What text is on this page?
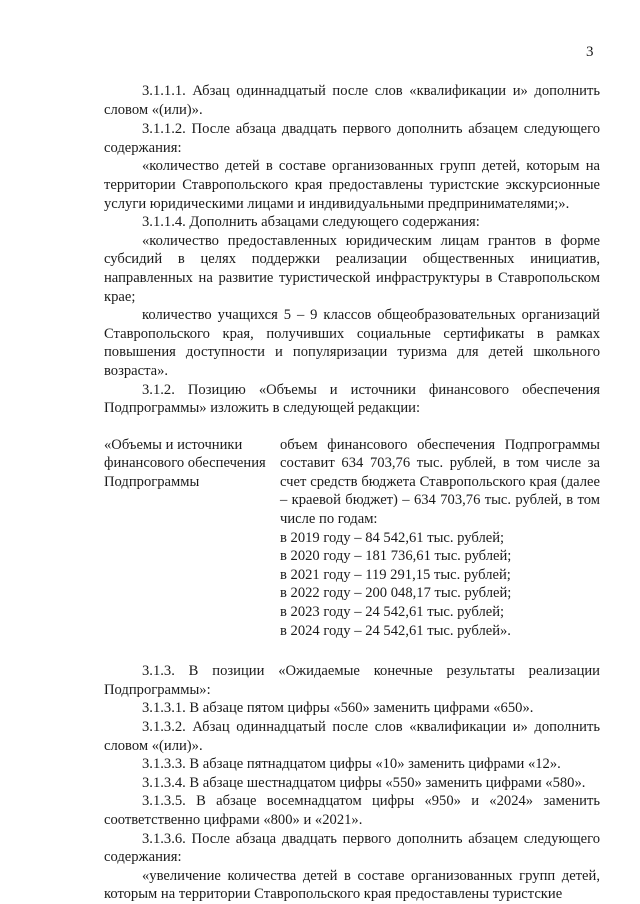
3

3.1.1.1. Абзац одиннадцатый после слов «квалификации и» дополнить словом «(или)».

3.1.1.2. После абзаца двадцать первого дополнить абзацем следующего содержания:

«количество детей в составе организованных групп детей, которым на территории Ставропольского края предоставлены туристские экскурсионные услуги юридическими лицами и индивидуальными предпринимателями;».

3.1.1.4. Дополнить абзацами следующего содержания:

«количество предоставленных юридическим лицам грантов в форме субсидий в целях поддержки реализации общественных инициатив, направленных на развитие туристической инфраструктуры в Ставропольском крае;

количество учащихся 5 – 9 классов общеобразовательных организаций Ставропольского края, получивших социальные сертификаты в рамках повышения доступности и популяризации туризма для детей школьного возраста».

3.1.2. Позицию «Объемы и источники финансового обеспечения Подпрограммы» изложить в следующей редакции:

«Объемы и источники финансового обеспечения Подпрограммы
объем финансового обеспечения Подпрограммы составит 634 703,76 тыс. рублей, в том числе за счет средств бюджета Ставропольского края (далее – краевой бюджет) – 634 703,76 тыс. рублей, в том числе по годам:
в 2019 году – 84 542,61 тыс. рублей;
в 2020 году – 181 736,61 тыс. рублей;
в 2021 году – 119 291,15 тыс. рублей;
в 2022 году – 200 048,17 тыс. рублей;
в 2023 году – 24 542,61 тыс. рублей;
в 2024 году – 24 542,61 тыс. рублей».

3.1.3. В позиции «Ожидаемые конечные результаты реализации Подпрограммы»:

3.1.3.1. В абзаце пятом цифры «560» заменить цифрами «650».

3.1.3.2. Абзац одиннадцатый после слов «квалификации и» дополнить словом «(или)».

3.1.3.3. В абзаце пятнадцатом цифры «10» заменить цифрами «12».

3.1.3.4. В абзаце шестнадцатом цифры «550» заменить цифрами «580».

3.1.3.5. В абзаце восемнадцатом цифры «950» и «2024» заменить соответственно цифрами «800» и «2021».

3.1.3.6. После абзаца двадцать первого дополнить абзацем следующего содержания:

«увеличение количества детей в составе организованных групп детей, которым на территории Ставропольского края предоставлены туристские
